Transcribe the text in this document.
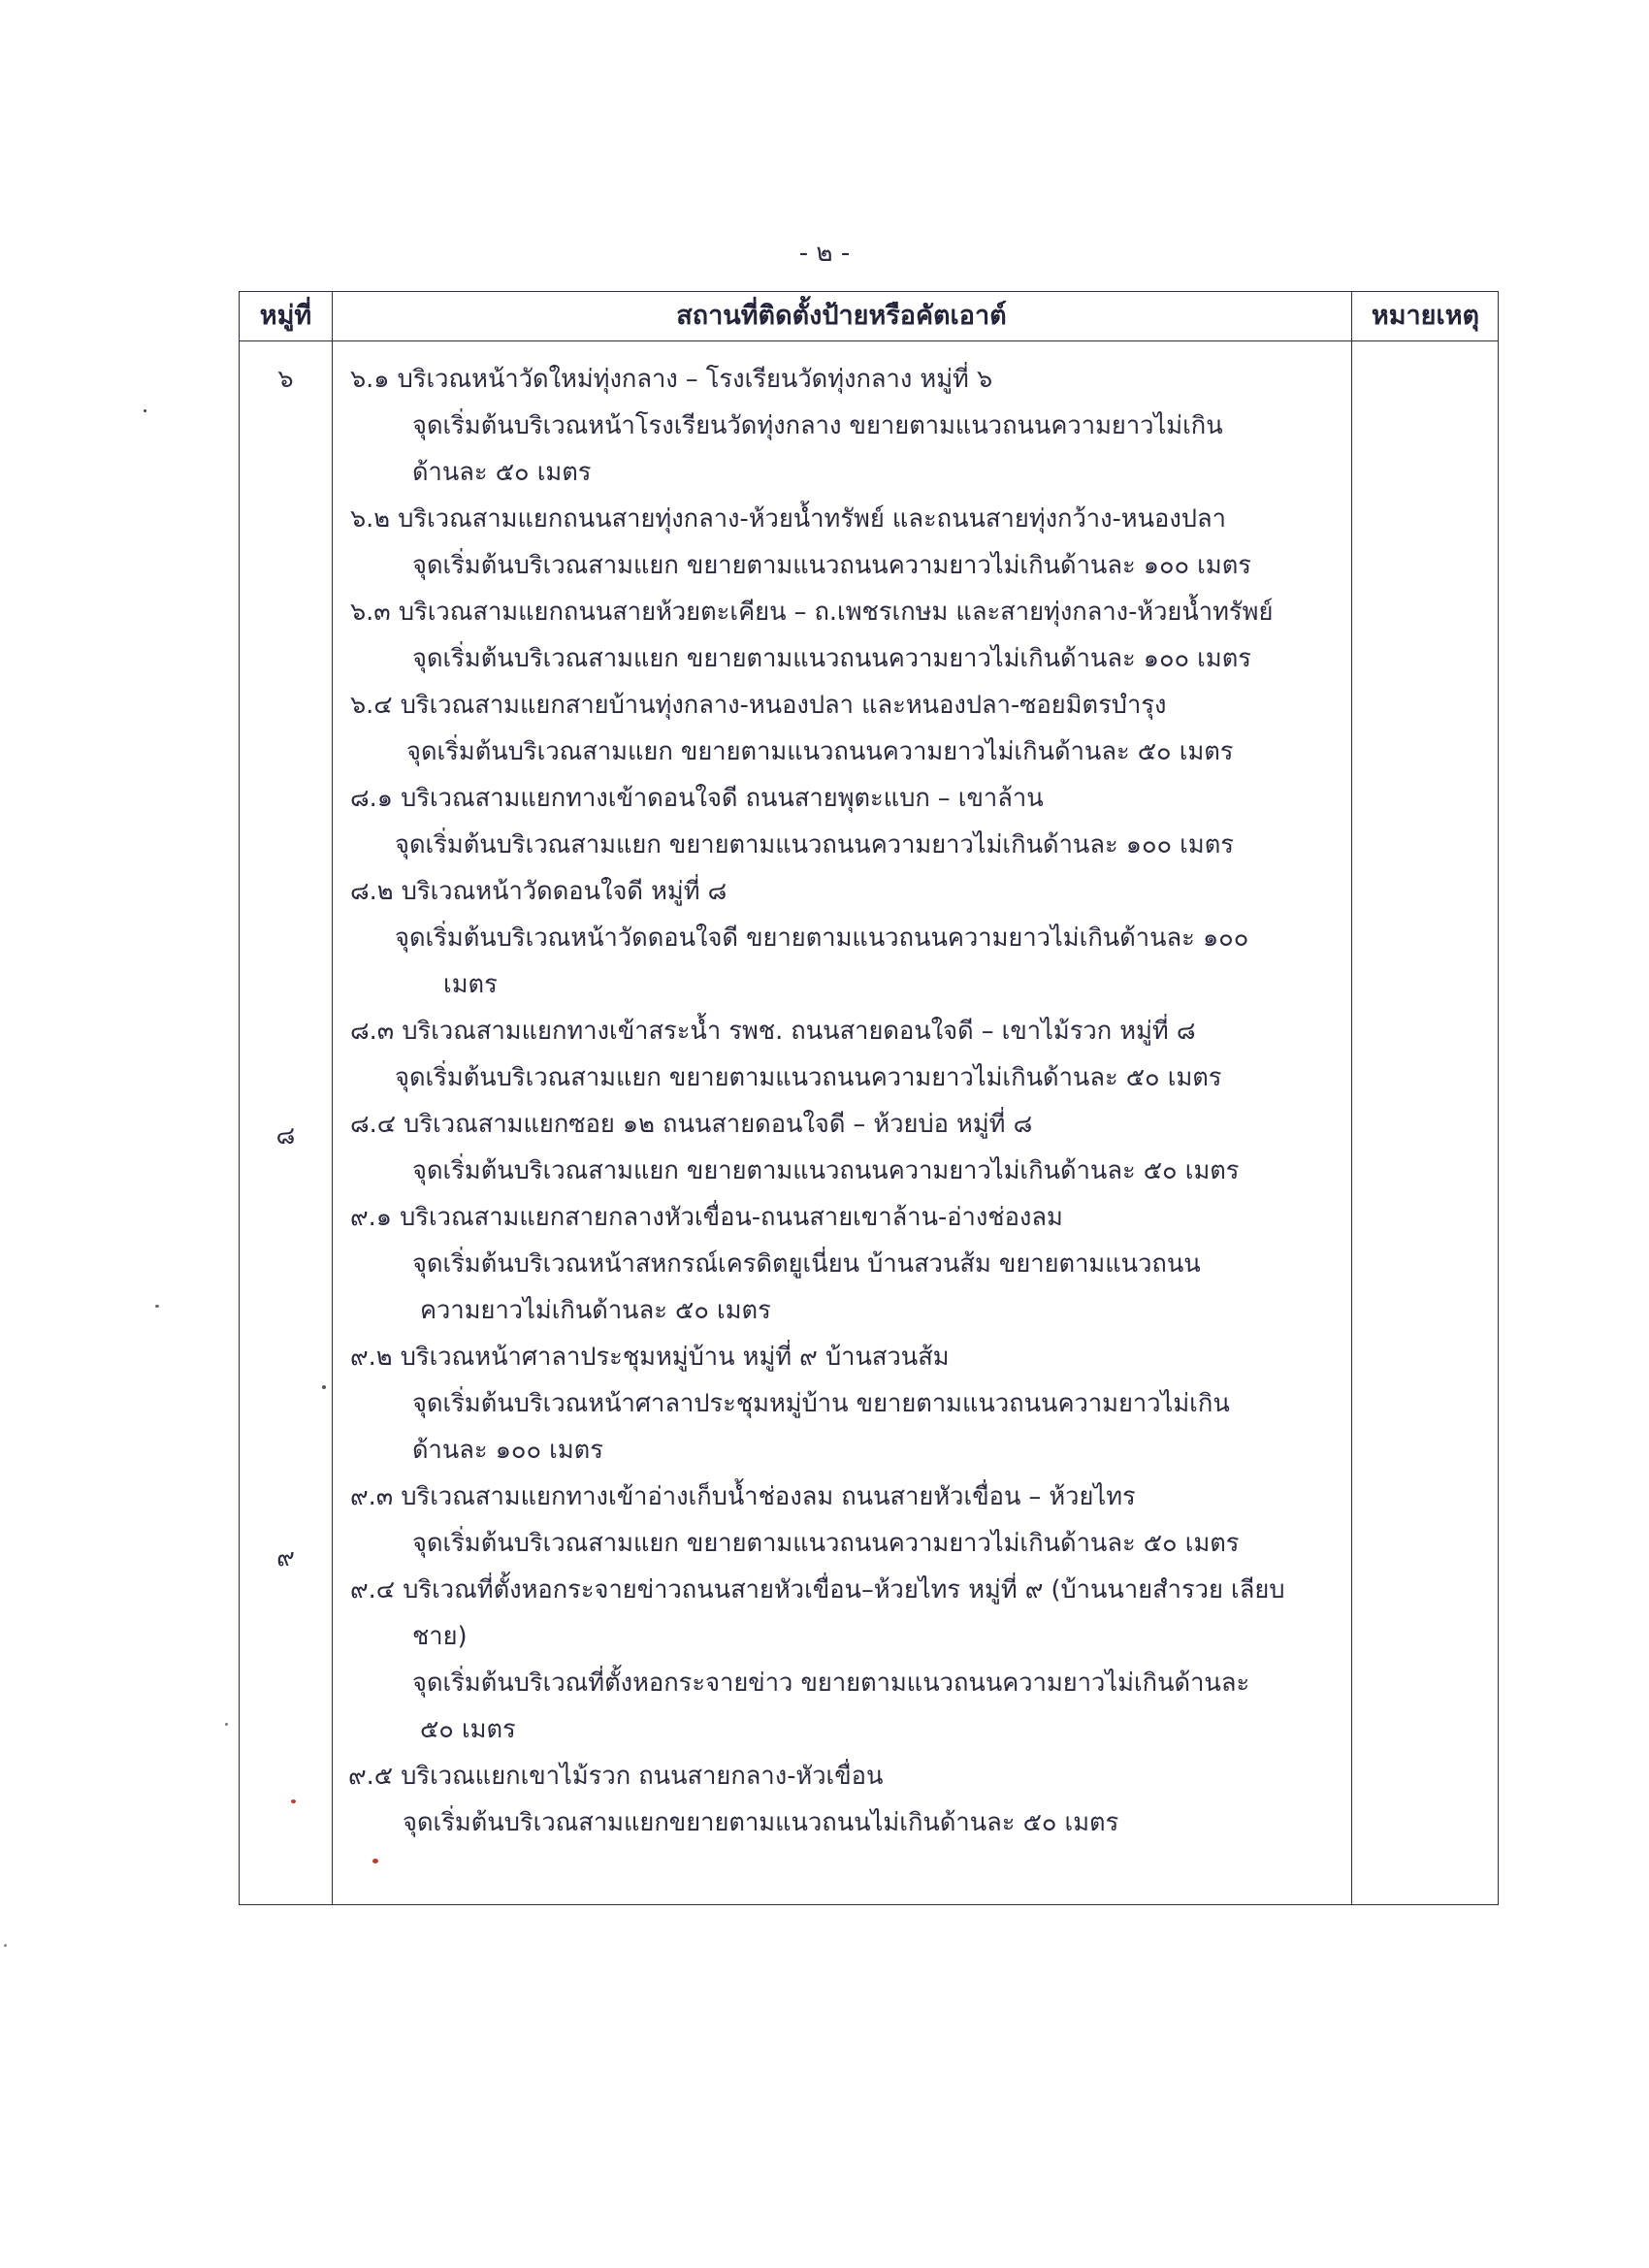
- ๒ -
หมู่ที่	สถานที่ติดตั้งป้ายหรือคัตเอาต์	หมายเหตุ
๖
๘
๙
๖.๑ บริเวณหน้าวัดใหม่ทุ่งกลาง – โรงเรียนวัดทุ่งกลาง หมู่ที่ ๖
จุดเริ่มต้นบริเวณหน้าโรงเรียนวัดทุ่งกลาง ขยายตามแนวถนนความยาวไม่เกิน
ด้านละ ๕๐ เมตร
๖.๒ บริเวณสามแยกถนนสายทุ่งกลาง-ห้วยน้ำทรัพย์ และถนนสายทุ่งกว้าง-หนองปลา
จุดเริ่มต้นบริเวณสามแยก ขยายตามแนวถนนความยาวไม่เกินด้านละ ๑๐๐ เมตร
๖.๓ บริเวณสามแยกถนนสายห้วยตะเคียน – ถ.เพชรเกษม และสายทุ่งกลาง-ห้วยน้ำทรัพย์
จุดเริ่มต้นบริเวณสามแยก ขยายตามแนวถนนความยาวไม่เกินด้านละ ๑๐๐ เมตร
๖.๔ บริเวณสามแยกสายบ้านทุ่งกลาง-หนองปลา และหนองปลา-ซอยมิตรบำรุง
จุดเริ่มต้นบริเวณสามแยก ขยายตามแนวถนนความยาวไม่เกินด้านละ ๕๐ เมตร
๘.๑ บริเวณสามแยกทางเข้าดอนใจดี ถนนสายพุตะแบก – เขาล้าน
จุดเริ่มต้นบริเวณสามแยก ขยายตามแนวถนนความยาวไม่เกินด้านละ ๑๐๐ เมตร
๘.๒ บริเวณหน้าวัดดอนใจดี หมู่ที่ ๘
จุดเริ่มต้นบริเวณหน้าวัดดอนใจดี ขยายตามแนวถนนความยาวไม่เกินด้านละ ๑๐๐
เมตร
๘.๓ บริเวณสามแยกทางเข้าสระน้ำ รพช. ถนนสายดอนใจดี – เขาไม้รวก หมู่ที่ ๘
จุดเริ่มต้นบริเวณสามแยก ขยายตามแนวถนนความยาวไม่เกินด้านละ ๕๐ เมตร
๘.๔ บริเวณสามแยกซอย ๑๒ ถนนสายดอนใจดี – ห้วยบ่อ หมู่ที่ ๘
จุดเริ่มต้นบริเวณสามแยก ขยายตามแนวถนนความยาวไม่เกินด้านละ ๕๐ เมตร
๙.๑ บริเวณสามแยกสายกลางหัวเขื่อน-ถนนสายเขาล้าน-อ่างช่องลม
จุดเริ่มต้นบริเวณหน้าสหกรณ์เครดิตยูเนี่ยน บ้านสวนส้ม ขยายตามแนวถนน
ความยาวไม่เกินด้านละ ๕๐ เมตร
๙.๒ บริเวณหน้าศาลาประชุมหมู่บ้าน หมู่ที่ ๙ บ้านสวนส้ม
จุดเริ่มต้นบริเวณหน้าศาลาประชุมหมู่บ้าน ขยายตามแนวถนนความยาวไม่เกิน
ด้านละ ๑๐๐ เมตร
๙.๓ บริเวณสามแยกทางเข้าอ่างเก็บน้ำช่องลม ถนนสายหัวเขื่อน – ห้วยไทร
จุดเริ่มต้นบริเวณสามแยก ขยายตามแนวถนนความยาวไม่เกินด้านละ ๕๐ เมตร
๙.๔ บริเวณที่ตั้งหอกระจายข่าวถนนสายหัวเขื่อน–ห้วยไทร หมู่ที่ ๙ (บ้านนายสำรวย เลียบ
ชาย)
จุดเริ่มต้นบริเวณที่ตั้งหอกระจายข่าว ขยายตามแนวถนนความยาวไม่เกินด้านละ
๕๐ เมตร
๙.๕ บริเวณแยกเขาไม้รวก ถนนสายกลาง-หัวเขื่อน
จุดเริ่มต้นบริเวณสามแยกขยายตามแนวถนนไม่เกินด้านละ ๕๐ เมตร
